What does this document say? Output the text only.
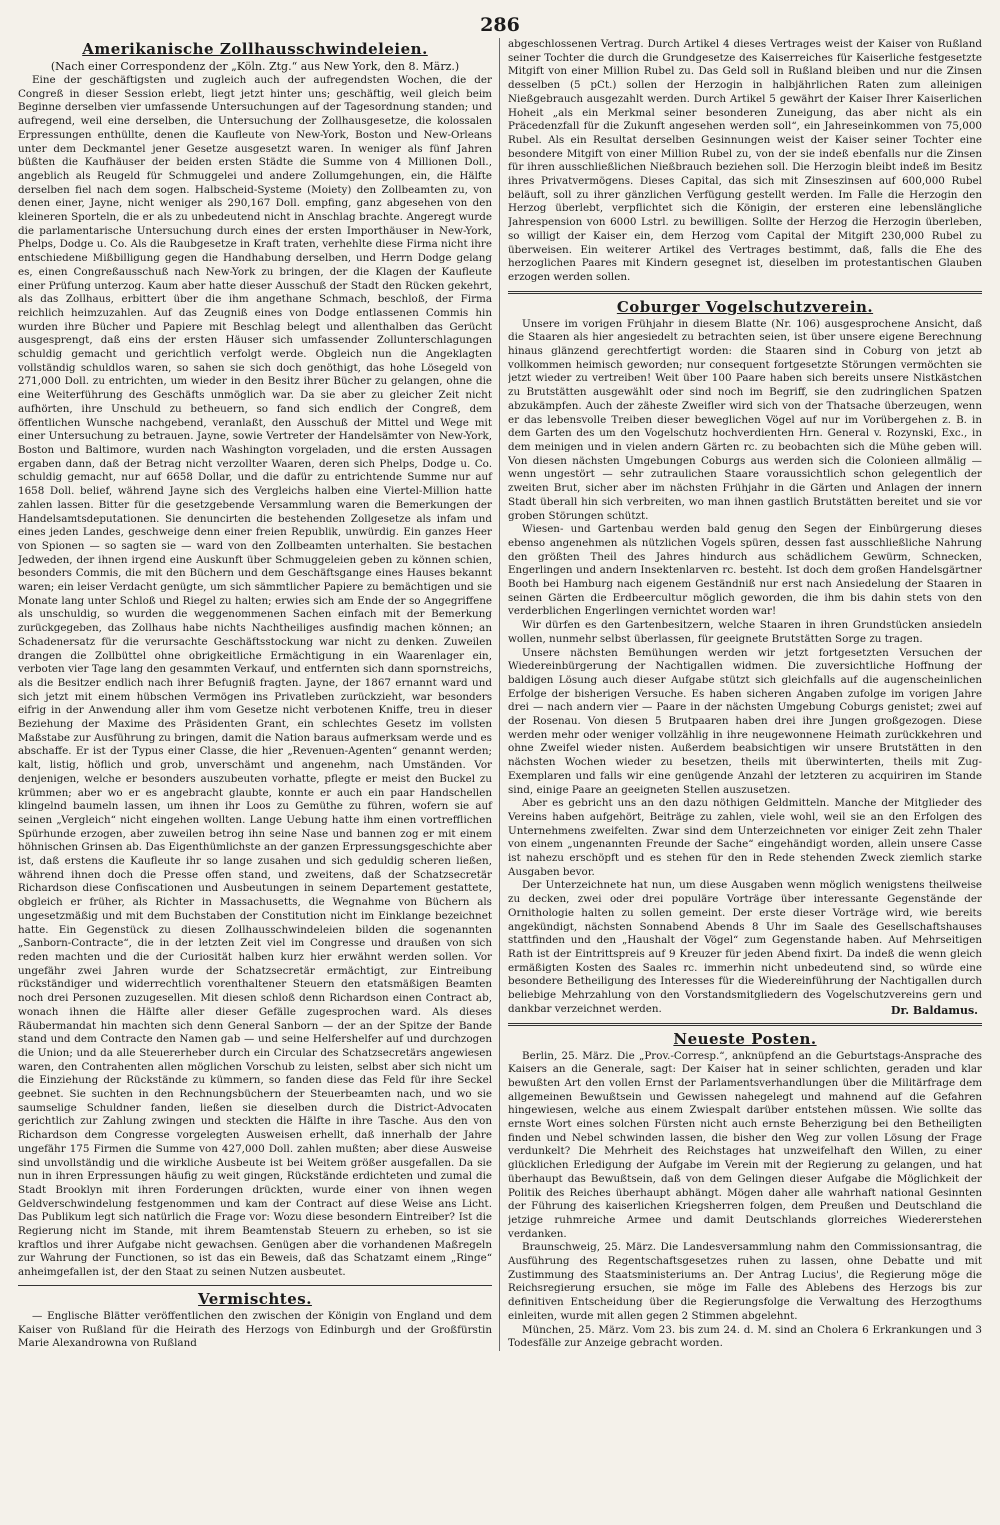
286
Amerikanische Zollhausschwindeleien.
(Nach einer Correspondenz der „Köln. Ztg.“ aus New York, den 8. März.)

Eine der geschäftigsten und zugleich auch der aufregendsten Wochen, die der Congreß in dieser Session erlebt, liegt jetzt hinter uns; geschäftig, weil gleich beim Beginne derselben vier umfassende Untersuchungen auf der Tagesordnung standen; und aufregend, weil eine derselben, die Untersuchung der Zollhausgesetze, die kolossalen Erpressungen enthüllte, denen die Kaufleute von New-York, Boston und New-Orleans unter dem Deckmantel jener Gesetze ausgesetzt waren. In weniger als fünf Jahren büßten die Kaufhäuser der beiden ersten Städte die Summe von 4 Millionen Doll., angeblich als Reugeld für Schmuggelei und andere Zollumgehungen, ein, die Hälfte derselben fiel nach dem sogen. Halbscheid-Systeme (Moiety) den Zollbeamten zu, von denen einer, Jayne, nicht weniger als 290,167 Doll. empfing, ganz abgesehen von den kleineren Sporteln, die er als zu unbedeutend nicht in Anschlag brachte. Angeregt wurde die parlamentarische Untersuchung durch eines der ersten Importhäuser in New-York, Phelps, Dodge u. Co. Als die Raubgesetze in Kraft traten, verhehlte diese Firma nicht ihre entschiedene Mißbilligung gegen die Handhabung derselben, und Herrn Dodge gelang es, einen Congreßausschuß nach New-York zu bringen, der die Klagen der Kaufleute einer Prüfung unterzog. Kaum aber hatte dieser Ausschuß der Stadt den Rücken gekehrt, als das Zollhaus, erbittert über die ihm angethane Schmach, beschloß, der Firma reichlich heimzuzahlen. Auf das Zeugniß eines von Dodge entlassenen Commis hin wurden ihre Bücher und Papiere mit Beschlag belegt und allenthalben das Gerücht ausgesprengt, daß eins der ersten Häuser sich umfassender Zollunterschlagungen schuldig gemacht und gerichtlich verfolgt werde. Obgleich nun die Angeklagten vollständig schuldlos waren, so sahen sie sich doch genöthigt, das hohe Lösegeld von 271,000 Doll. zu entrichten, um wieder in den Besitz ihrer Bücher zu gelangen, ohne die eine Weiterführung des Geschäfts unmöglich war. Da sie aber zu gleicher Zeit nicht aufhörten, ihre Unschuld zu betheuern, so fand sich endlich der Congreß, dem öffentlichen Wunsche nachgebend, veranlaßt, den Ausschuß der Mittel und Wege mit einer Untersuchung zu betrauen. Jayne, sowie Vertreter der Handelsämter von New-York, Boston und Baltimore, wurden nach Washington vorgeladen, und die ersten Aussagen ergaben dann, daß der Betrag nicht verzollter Waaren, deren sich Phelps, Dodge u. Co. schuldig gemacht, nur auf 6658 Dollar, und die dafür zu entrichtende Summe nur auf 1658 Doll. belief, während Jayne sich des Vergleichs halben eine Viertel-Million hatte zahlen lassen. Bitter für die gesetzgebende Versammlung waren die Bemerkungen der Handelsamtsdeputationen. Sie denuncirten die bestehenden Zollgesetze als infam und eines jeden Landes, geschweige denn einer freien Republik, unwürdig. Ein ganzes Heer von Spionen — so sagten sie — ward von den Zollbeamten unterhalten. Sie bestachen Jedweden, der ihnen irgend eine Auskunft über Schmuggeleien geben zu können schien, besonders Commis, die mit den Büchern und dem Geschäftsgange eines Hauses bekannt waren; ein leiser Verdacht genügte, um sich sämmtlicher Papiere zu bemächtigen und sie Monate lang unter Schloß und Riegel zu halten; erwies sich am Ende der so Angegriffene als unschuldig, so wurden die weggenommenen Sachen einfach mit der Bemerkung zurückgegeben, das Zollhaus habe nichts Nachtheiliges ausfindig machen können; an Schadenersatz für die verursachte Geschäftsstockung war nicht zu denken. Zuweilen drangen die Zollbüttel ohne obrigkeitliche Ermächtigung in ein Waarenlager ein, verboten vier Tage lang den gesammten Verkauf, und entfernten sich dann spornstreichs, als die Besitzer endlich nach ihrer Befugniß fragten. Jayne, der 1867 ernannt ward und sich jetzt mit einem hübschen Vermögen ins Privatleben zurückzieht, war besonders eifrig in der Anwendung aller ihm vom Gesetze nicht verbotenen Kniffe, treu in dieser Beziehung der Maxime des Präsidenten Grant, ein schlechtes Gesetz im vollsten Maßstabe zur Ausführung zu bringen, damit die Nation baraus aufmerksam werde und es abschaffe. Er ist der Typus einer Classe, die hier „Revenuen-Agenten“ genannt werden; kalt, listig, höflich und grob, unverschämt und angenehm, nach Umständen. Vor denjenigen, welche er besonders auszubeuten vorhatte, pflegte er meist den Buckel zu krümmen; aber wo er es angebracht glaubte, konnte er auch ein paar Handschellen klingelnd baumeln lassen, um ihnen ihr Loos zu Gemüthe zu führen, wofern sie auf seinen „Vergleich“ nicht eingehen wollten. Lange Uebung hatte ihm einen vortrefflichen Spürhunde erzogen, aber zuweilen betrog ihn seine Nase und bannen zog er mit einem höhnischen Grinsen ab. Das Eigenthümlichste an der ganzen Erpressungsgeschichte aber ist, daß erstens die Kaufleute ihr so lange zusahen und sich geduldig scheren ließen, während ihnen doch die Presse offen stand, und zweitens, daß der Schatzsecretär Richardson diese Confiscationen und Ausbeutungen in seinem Departement gestattete, obgleich er früher, als Richter in Massachusetts, die Wegnahme von Büchern als ungesetzmäßig und mit dem Buchstaben der Constitution nicht im Einklange bezeichnet hatte. Ein Gegenstück zu diesen Zollhausschwindeleien bilden die sogenannten „Sanborn-Contracte“, die in der letzten Zeit viel im Congresse und draußen von sich reden machten und die der Curiosität halben kurz hier erwähnt werden sollen. Vor ungefähr zwei Jahren wurde der Schatzsecretär ermächtigt, zur Eintreibung rückständiger und widerrechtlich vorenthaltener Steuern den etatsmäßigen Beamten noch drei Personen zuzugesellen. Mit diesen schloß denn Richardson einen Contract ab, wonach ihnen die Hälfte aller dieser Gefälle zugesprochen ward. Als dieses Räubermandat hin machten sich denn General Sanborn — der an der Spitze der Bande stand und dem Contracte den Namen gab — und seine Helfershelfer auf und durchzogen die Union; und da alle Steuererheber durch ein Circular des Schatzsecretärs angewiesen waren, den Contrahenten allen möglichen Vorschub zu leisten, selbst aber sich nicht um die Einziehung der Rückstände zu kümmern, so fanden diese das Feld für ihre Seckel geebnet. Sie suchten in den Rechnungsbüchern der Steuerbeamten nach, und wo sie saumselige Schuldner fanden, ließen sie dieselben durch die District-Advocaten gerichtlich zur Zahlung zwingen und steckten die Hälfte in ihre Tasche. Aus den von Richardson dem Congresse vorgelegten Ausweisen erhellt, daß innerhalb der Jahre ungefähr 175 Firmen die Summe von 427,000 Doll. zahlen mußten; aber diese Ausweise sind unvollständig und die wirkliche Ausbeute ist bei Weitem größer ausgefallen. Da sie nun in ihren Erpressungen häufig zu weit gingen, Rückstände erdichteten und zumal die Stadt Brooklyn mit ihren Forderungen drückten, wurde einer von ihnen wegen Geldverschwindelung festgenommen und kam der Contract auf diese Weise ans Licht. Das Publikum legt sich natürlich die Frage vor: Wozu diese besondern Eintreiber? Ist die Regierung nicht im Stande, mit ihrem Beamtenstab Steuern zu erheben, so ist sie kraftlos und ihrer Aufgabe nicht gewachsen. Genügen aber die vorhandenen Maßregeln zur Wahrung der Functionen, so ist das ein Beweis, daß das Schatzamt einem „Ringe“ anheimgefallen ist, der den Staat zu seinen Nutzen ausbeutet.

Vermischtes.

— Englische Blätter veröffentlichen den zwischen der Königin von England und dem Kaiser von Rußland für die Heirath des Herzogs von Edinburgh und der Großfürstin Marie Alexandrowna von Rußland

abgeschlossenen Vertrag. Durch Artikel 4 dieses Vertrages weist der Kaiser von Rußland seiner Tochter die durch die Grundgesetze des Kaiserreiches für Kaiserliche festgesetzte Mitgift von einer Million Rubel zu. Das Geld soll in Rußland bleiben und nur die Zinsen desselben (5 pCt.) sollen der Herzogin in halbjährlichen Raten zum alleinigen Nießgebrauch ausgezahlt werden. Durch Artikel 5 gewährt der Kaiser Ihrer Kaiserlichen Hoheit „als ein Merkmal seiner besonderen Zuneigung, das aber nicht als ein Präcedenzfall für die Zukunft angesehen werden soll“, ein Jahreseinkommen von 75,000 Rubel. Als ein Resultat derselben Gesinnungen weist der Kaiser seiner Tochter eine besondere Mitgift von einer Million Rubel zu, von der sie indeß ebenfalls nur die Zinsen für ihren ausschließlichen Nießbrauch beziehen soll. Die Herzogin bleibt indeß im Besitz ihres Privatvermögens. Dieses Capital, das sich mit Zinseszinsen auf 600,000 Rubel beläuft, soll zu ihrer gänzlichen Verfügung gestellt werden. Im Falle die Herzogin den Herzog überlebt, verpflichtet sich die Königin, der ersteren eine lebenslängliche Jahrespension von 6000 Lstrl. zu bewilligen. Sollte der Herzog die Herzogin überleben, so willigt der Kaiser ein, dem Herzog vom Capital der Mitgift 230,000 Rubel zu überweisen. Ein weiterer Artikel des Vertrages bestimmt, daß, falls die Ehe des herzoglichen Paares mit Kindern gesegnet ist, dieselben im protestantischen Glauben erzogen werden sollen.

Coburger Vogelschutzverein.

Unsere im vorigen Frühjahr in diesem Blatte (Nr. 106) ausgesprochene Ansicht, daß die Staaren als hier angesiedelt zu betrachten seien, ist über unsere eigene Berechnung hinaus glänzend gerechtfertigt worden: die Staaren sind in Coburg von jetzt ab vollkommen heimisch geworden; nur consequent fortgesetzte Störungen vermöchten sie jetzt wieder zu vertreiben! Weit über 100 Paare haben sich bereits unsere Nistkästchen zu Brutstätten ausgewählt oder sind noch im Begriff, sie den zudringlichen Spatzen abzukämpfen. Auch der zäheste Zweifler wird sich von der Thatsache überzeugen, wenn er das lebensvolle Treiben dieser beweglichen Vögel auf nur im Vorübergehen z. B. in dem Garten des um den Vogelschutz hochverdienten Hrn. General v. Rozynski, Exc., in dem meinigen und in vielen andern Gärten rc. zu beobachten sich die Mühe geben will. Von diesen nächsten Umgebungen Coburgs aus werden sich die Colonieen allmälig — wenn ungestört — sehr zutraulichen Staare voraussichtlich schon gelegentlich der zweiten Brut, sicher aber im nächsten Frühjahr in die Gärten und Anlagen der innern Stadt überall hin sich verbreiten, wo man ihnen gastlich Brutstätten bereitet und sie vor groben Störungen schützt.

Wiesen- und Gartenbau werden bald genug den Segen der Einbürgerung dieses ebenso angenehmen als nützlichen Vogels spüren, dessen fast ausschließliche Nahrung den größten Theil des Jahres hindurch aus schädlichem Gewürm, Schnecken, Engerlingen und andern Insektenlarven rc. besteht. Ist doch dem großen Handelsgärtner Booth bei Hamburg nach eigenem Geständniß nur erst nach Ansiedelung der Staaren in seinen Gärten die Erdbeercultur möglich geworden, die ihm bis dahin stets von den verderblichen Engerlingen vernichtet worden war!

Wir dürfen es den Gartenbesitzern, welche Staaren in ihren Grundstücken ansiedeln wollen, nunmehr selbst überlassen, für geeignete Brutstätten Sorge zu tragen.

Unsere nächsten Bemühungen werden wir jetzt fortgesetzten Versuchen der Wiedereinbürgerung der Nachtigallen widmen. Die zuversichtliche Hoffnung der baldigen Lösung auch dieser Aufgabe stützt sich gleichfalls auf die augenscheinlichen Erfolge der bisherigen Versuche. Es haben sicheren Angaben zufolge im vorigen Jahre drei — nach andern vier — Paare in der nächsten Umgebung Coburgs genistet; zwei auf der Rosenau. Von diesen 5 Brutpaaren haben drei ihre Jungen großgezogen. Diese werden mehr oder weniger vollzählig in ihre neugewonnene Heimath zurückkehren und ohne Zweifel wieder nisten. Außerdem beabsichtigen wir unsere Brutstätten in den nächsten Wochen wieder zu besetzen, theils mit überwinterten, theils mit Zug-Exemplaren und falls wir eine genügende Anzahl der letzteren zu acquiriren im Stande sind, einige Paare an geeigneten Stellen auszusetzen.

Aber es gebricht uns an den dazu nöthigen Geldmitteln. Manche der Mitglieder des Vereins haben aufgehört, Beiträge zu zahlen, viele wohl, weil sie an den Erfolgen des Unternehmens zweifelten. Zwar sind dem Unterzeichneten vor einiger Zeit zehn Thaler von einem „ungenannten Freunde der Sache“ eingehändigt worden, allein unsere Casse ist nahezu erschöpft und es stehen für den in Rede stehenden Zweck ziemlich starke Ausgaben bevor.

Der Unterzeichnete hat nun, um diese Ausgaben wenn möglich wenigstens theilweise zu decken, zwei oder drei populäre Vorträge über interessante Gegenstände der Ornithologie halten zu sollen gemeint. Der erste dieser Vorträge wird, wie bereits angekündigt, nächsten Sonnabend Abends 8 Uhr im Saale des Gesellschaftshauses stattfinden und den „Haushalt der Vögel“ zum Gegenstande haben. Auf Mehrseitigen Rath ist der Eintrittspreis auf 9 Kreuzer für jeden Abend fixirt. Da indeß die wenn gleich ermäßigten Kosten des Saales rc. immerhin nicht unbedeutend sind, so würde eine besondere Betheiligung des Interesses für die Wiedereinführung der Nachtigallen durch beliebige Mehrzahlung von den Vorstandsmitgliedern des Vogelschutzvereins gern und dankbar verzeichnet werden.	Dr. Baldamus.
Neueste Posten.

Berlin, 25. März. Die „Prov.-Corresp.“, anknüpfend an die Geburtstags-Ansprache des Kaisers an die Generale, sagt: Der Kaiser hat in seiner schlichten, geraden und klar bewußten Art den vollen Ernst der Parlamentsverhandlungen über die Militärfrage dem allgemeinen Bewußtsein und Gewissen nahegelegt und mahnend auf die Gefahren hingewiesen, welche aus einem Zwiespalt darüber entstehen müssen. Wie sollte das ernste Wort eines solchen Fürsten nicht auch ernste Beherzigung bei den Betheiligten finden und Nebel schwinden lassen, die bisher den Weg zur vollen Lösung der Frage verdunkelt? Die Mehrheit des Reichstages hat unzweifelhaft den Willen, zu einer glücklichen Erledigung der Aufgabe im Verein mit der Regierung zu gelangen, und hat überhaupt das Bewußtsein, daß von dem Gelingen dieser Aufgabe die Möglichkeit der Politik des Reiches überhaupt abhängt. Mögen daher alle wahrhaft national Gesinnten der Führung des kaiserlichen Kriegsherren folgen, dem Preußen und Deutschland die jetzige ruhmreiche Armee und damit Deutschlands glorreiches Wiedererstehen verdanken.

Braunschweig, 25. März. Die Landesversammlung nahm den Commissionsantrag, die Ausführung des Regentschaftsgesetzes ruhen zu lassen, ohne Debatte und mit Zustimmung des Staatsministeriums an. Der Antrag Lucius', die Regierung möge die Reichsregierung ersuchen, sie möge im Falle des Ablebens des Herzogs bis zur definitiven Entscheidung über die Regierungsfolge die Verwaltung des Herzogthums einleiten, wurde mit allen gegen 2 Stimmen abgelehnt.

München, 25. März. Vom 23. bis zum 24. d. M. sind an Cholera 6 Erkrankungen und 3 Todesfälle zur Anzeige gebracht worden.
